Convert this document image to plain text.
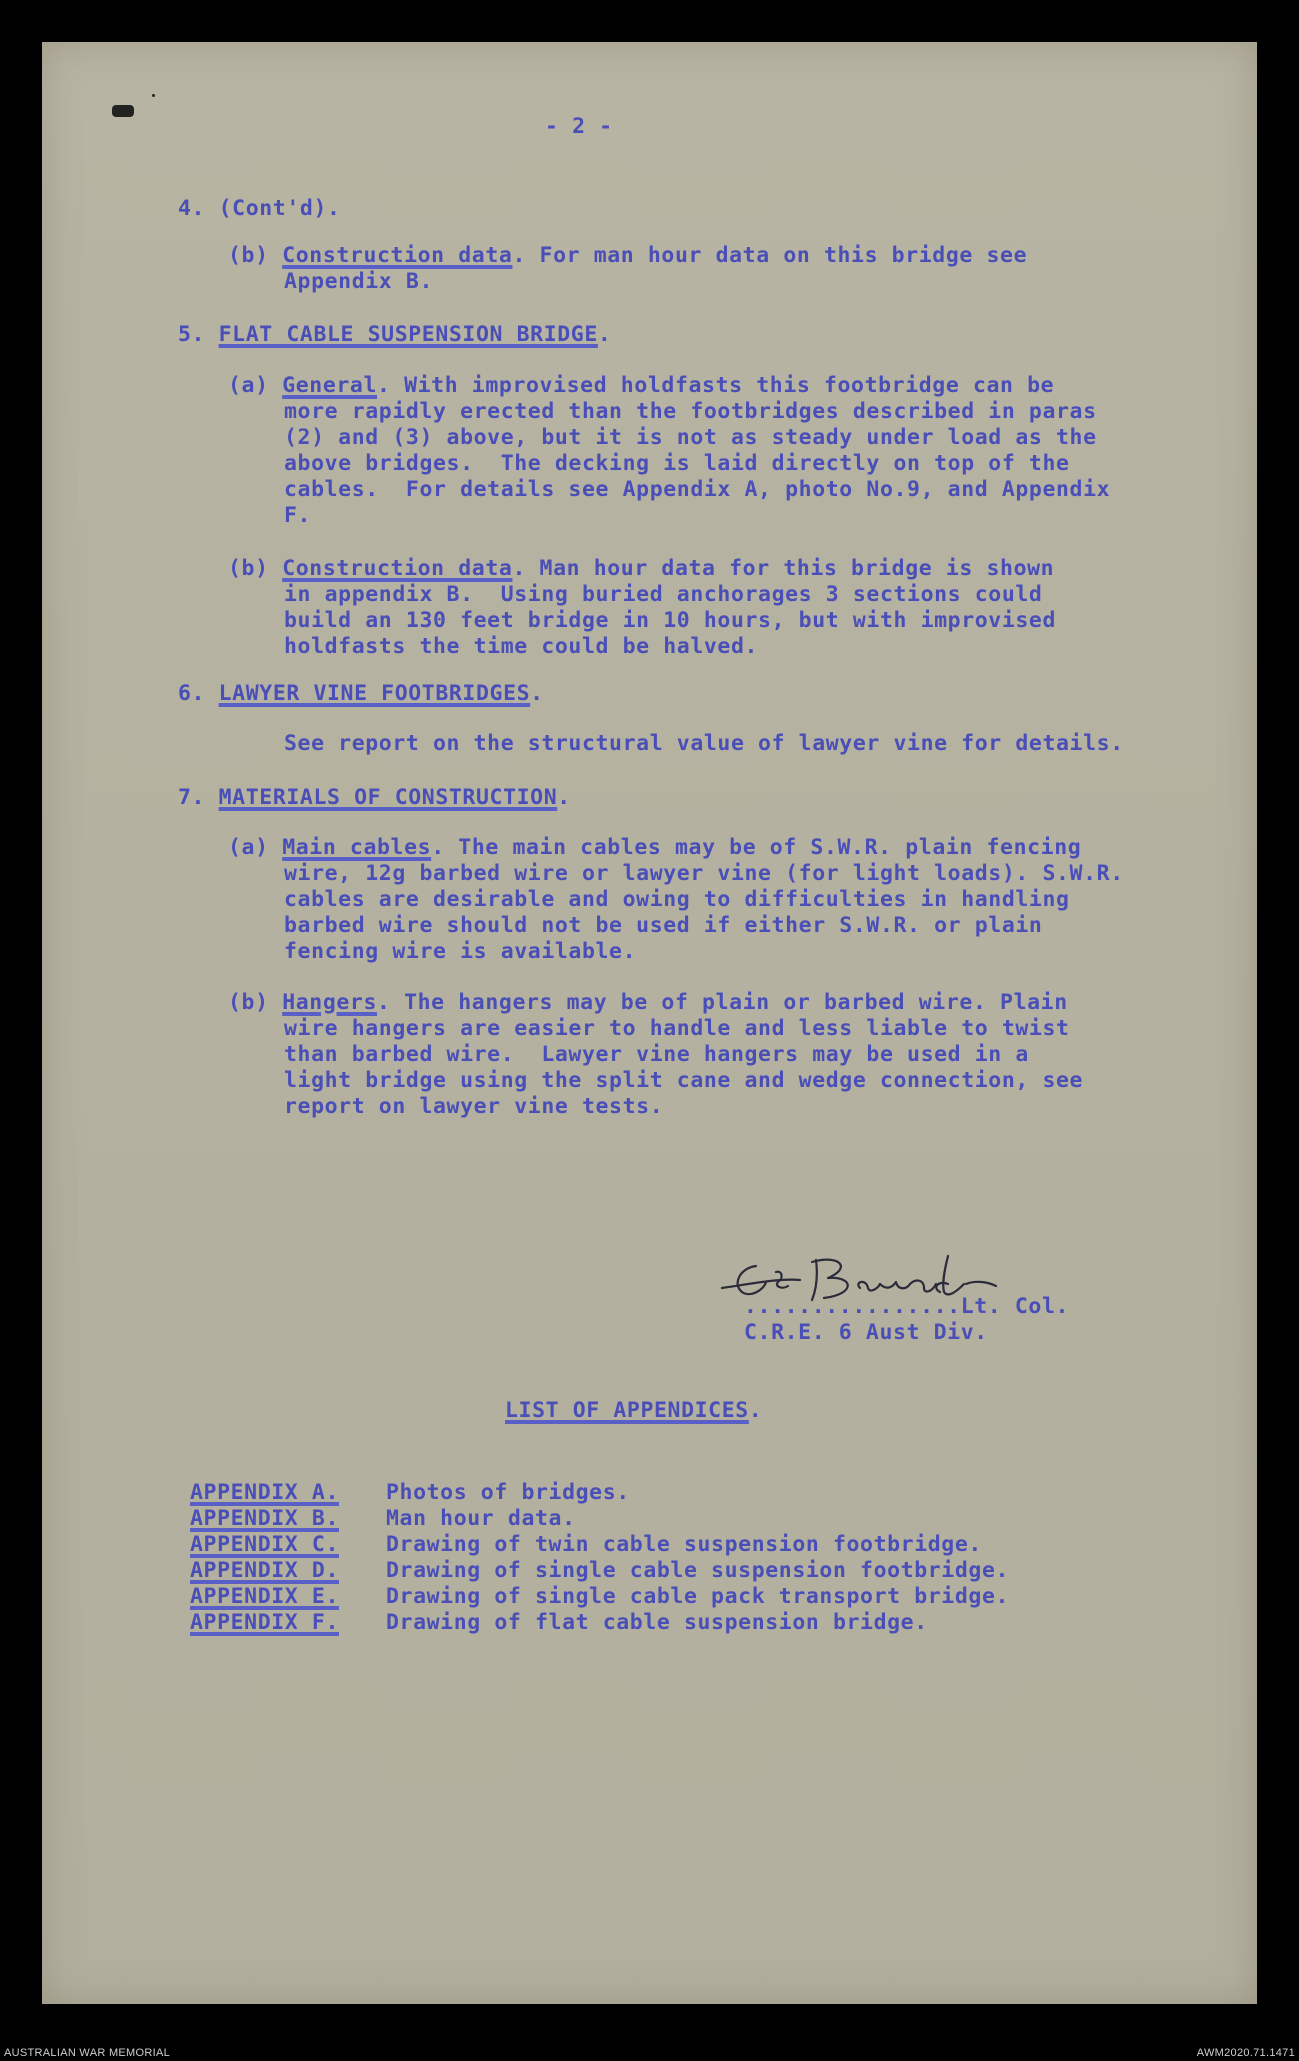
- 2 -
4. (Cont'd).
(b) Construction data. For man hour data on this bridge see
Appendix B.
5. FLAT CABLE SUSPENSION BRIDGE.
(a) General. With improvised holdfasts this footbridge can be
more rapidly erected than the footbridges described in paras
(2) and (3) above, but it is not as steady under load as the
above bridges.  The decking is laid directly on top of the
cables.  For details see Appendix A, photo No.9, and Appendix
F.
(b) Construction data. Man hour data for this bridge is shown
in appendix B.  Using buried anchorages 3 sections could
build an 130 feet bridge in 10 hours, but with improvised
holdfasts the time could be halved.
6. LAWYER VINE FOOTBRIDGES.
See report on the structural value of lawyer vine for details.
7. MATERIALS OF CONSTRUCTION.
(a) Main cables. The main cables may be of S.W.R. plain fencing
wire, 12g barbed wire or lawyer vine (for light loads). S.W.R.
cables are desirable and owing to difficulties in handling
barbed wire should not be used if either S.W.R. or plain
fencing wire is available.
(b) Hangers. The hangers may be of plain or barbed wire. Plain
wire hangers are easier to handle and less liable to twist
than barbed wire.  Lawyer vine hangers may be used in a
light bridge using the split cane and wedge connection, see
report on lawyer vine tests.
................Lt. Col.
C.R.E. 6 Aust Div.
LIST OF APPENDICES.
APPENDIX A.	Photos of bridges.
APPENDIX B.	Man hour data.
APPENDIX C.	Drawing of twin cable suspension footbridge.
APPENDIX D.	Drawing of single cable suspension footbridge.
APPENDIX E.	Drawing of single cable pack transport bridge.
APPENDIX F.	Drawing of flat cable suspension bridge.
AUSTRALIAN WAR MEMORIAL	AWM2020.71.1471
